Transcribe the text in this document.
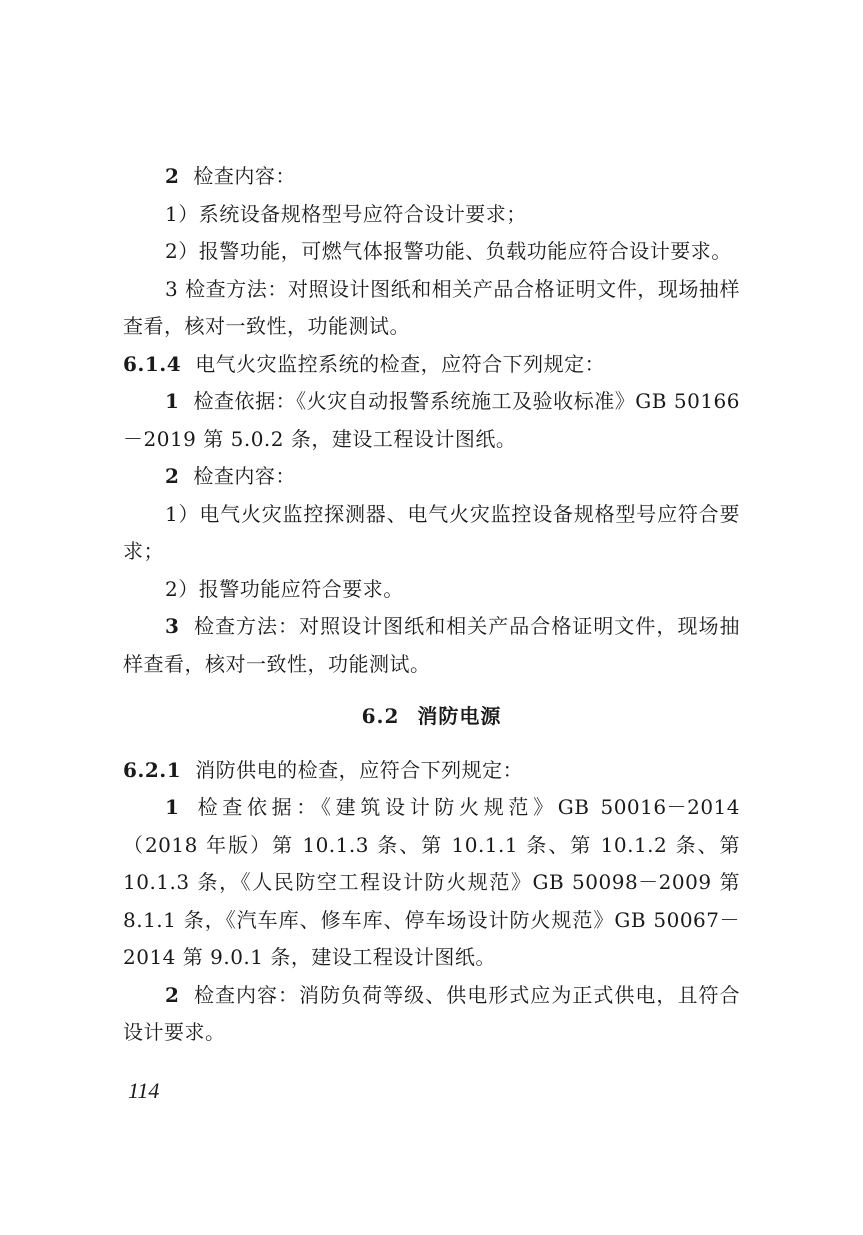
2 检查内容：

1）系统设备规格型号应符合设计要求；

2）报警功能，可燃气体报警功能、负载功能应符合设计要求。

3 检查方法：对照设计图纸和相关产品合格证明文件，现场抽样查看，核对一致性，功能测试。

6.1.4 电气火灾监控系统的检查，应符合下列规定：

1 检查依据：《火灾自动报警系统施工及验收标准》GB 50166－2019 第 5.0.2 条，建设工程设计图纸。

2 检查内容：

1）电气火灾监控探测器、电气火灾监控设备规格型号应符合要求；

2）报警功能应符合要求。

3 检查方法：对照设计图纸和相关产品合格证明文件，现场抽样查看，核对一致性，功能测试。

6.2 消防电源

6.2.1 消防供电的检查，应符合下列规定：

1 检查依据：《建筑设计防火规范》GB 50016－2014（2018 年版）第 10.1.3 条、第 10.1.1 条、第 10.1.2 条、第 10.1.3 条，《人民防空工程设计防火规范》GB 50098－2009 第 8.1.1 条，《汽车库、修车库、停车场设计防火规范》GB 50067－2014 第 9.0.1 条，建设工程设计图纸。

2 检查内容：消防负荷等级、供电形式应为正式供电，且符合设计要求。

114
